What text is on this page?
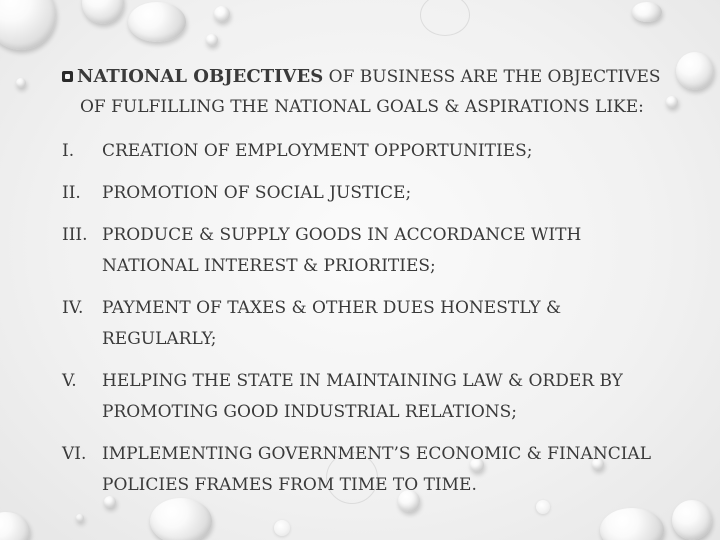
NATIONAL OBJECTIVES OF BUSINESS ARE THE OBJECTIVES
OF FULFILLING THE NATIONAL GOALS & ASPIRATIONS LIKE:

I.	CREATION OF EMPLOYMENT OPPORTUNITIES;
II.	PROMOTION OF SOCIAL JUSTICE;
III. PRODUCE & SUPPLY GOODS IN ACCORDANCE WITH NATIONAL INTEREST & PRIORITIES;
IV.	PAYMENT OF TAXES & OTHER DUES HONESTLY & REGULARLY;
V.	HELPING THE STATE IN MAINTAINING LAW & ORDER BY PROMOTING GOOD INDUSTRIAL RELATIONS;
VI. IMPLEMENTING GOVERNMENT’S ECONOMIC & FINANCIAL POLICIES FRAMES FROM TIME TO TIME.
